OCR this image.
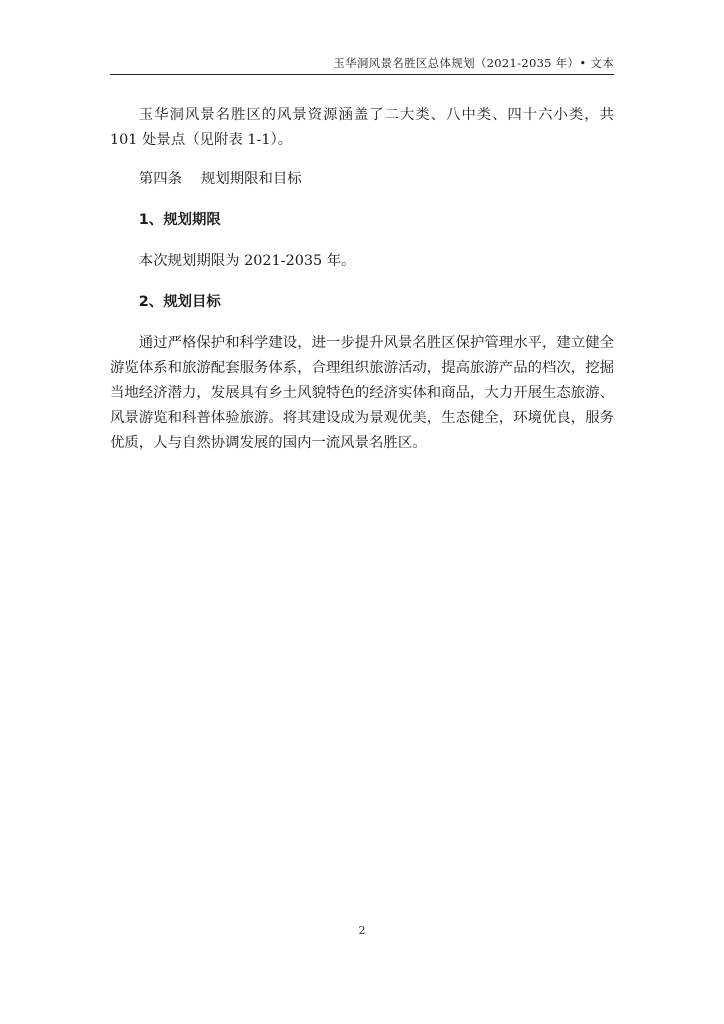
玉华洞风景名胜区总体规划（2021-2035 年）• 文本

玉华洞风景名胜区的风景资源涵盖了二大类、八中类、四十六小类，共 101 处景点（见附表 1-1）。

第四条　 规划期限和目标

1、规划期限

本次规划期限为 2021-2035 年。

2、规划目标

通过严格保护和科学建设，进一步提升风景名胜区保护管理水平，建立健全游览体系和旅游配套服务体系，合理组织旅游活动，提高旅游产品的档次，挖掘当地经济潜力，发展具有乡土风貌特色的经济实体和商品，大力开展生态旅游、风景游览和科普体验旅游。将其建设成为景观优美，生态健全，环境优良，服务优质，人与自然协调发展的国内一流风景名胜区。

2
